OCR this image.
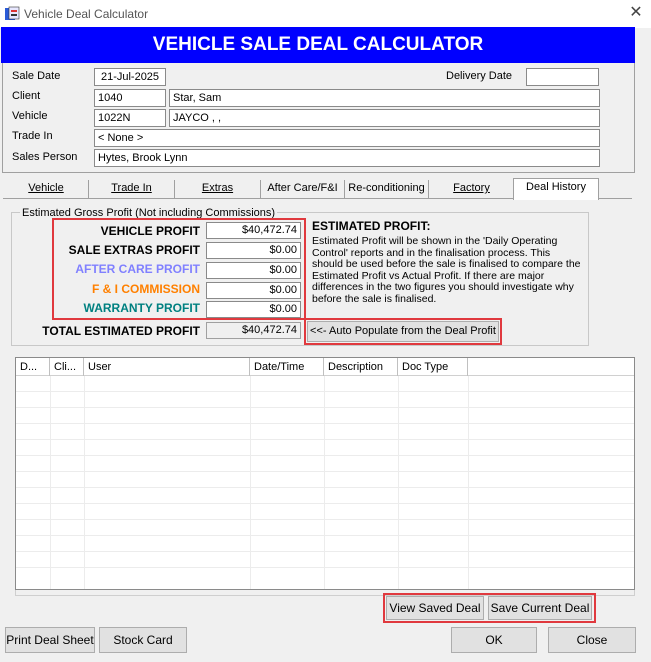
Vehicle Deal Calculator	✕
VEHICLE SALE DEAL CALCULATOR
Sale Date	21-Jul-2025	Delivery Date
Client	1040	Star, Sam
Vehicle	1022N	JAYCO , ,
Trade In	< None >
Sales Person	Hytes, Brook Lynn
Vehicle	Trade In	Extras	After Care/F&I Re-conditioning	Factory	Deal History
Estimated Gross Profit (Not including Commissions)
VEHICLE PROFIT	$40,472.74
SALE EXTRAS PROFIT	$0.00
AFTER CARE PROFIT	$0.00
F & I COMMISSION	$0.00
WARRANTY PROFIT	$0.00
TOTAL ESTIMATED PROFIT	$40,472.74
ESTIMATED PROFIT:
Estimated Profit will be shown in the 'Daily Operating Control' reports and in the finalisation process. This should be used before the sale is finalised to compare the Estimated Profit vs Actual Profit. If there are major differences in the two figures you should investigate why before the sale is finalised.
<<- Auto Populate from the Deal Profit
D...	Cli...	User	Date/Time	Description	Doc Type
View Saved Deal Save Current Deal
Print Deal Sheet	Stock Card	OK	Close
